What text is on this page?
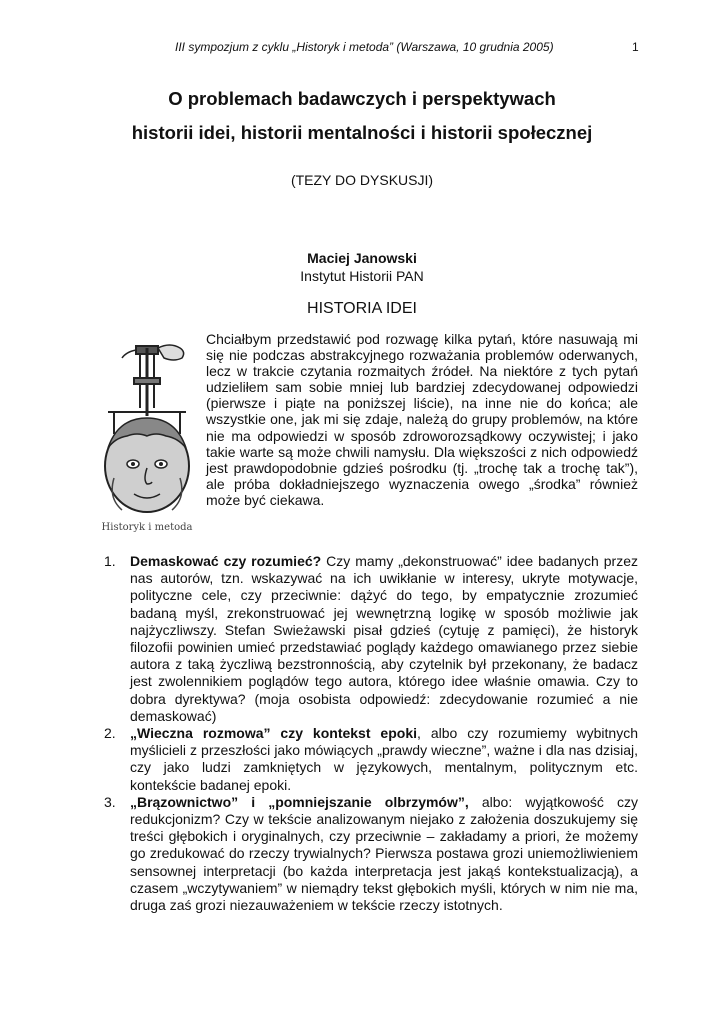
III sympozjum z cyklu „Historyk i metoda” (Warszawa, 10 grudnia 2005)	1
O problemach badawczych i perspektywach
historii idei, historii mentalności i historii społecznej
(TEZY DO DYSKUSJI)
Maciej Janowski
Instytut Historii PAN
HISTORIA IDEI
Historyk i metoda
Chciałbym przedstawić pod rozwagę kilka pytań, które nasuwają mi się nie podczas abstrakcyjnego rozważania problemów oderwanych, lecz w trakcie czytania rozmaitych źródeł. Na niektóre z tych pytań udzieliłem sam sobie mniej lub bardziej zdecydowanej odpowiedzi (pierwsze i piąte na poniższej liście), na inne nie do końca; ale wszystkie one, jak mi się zdaje, należą do grupy problemów, na które nie ma odpowiedzi w sposób zdroworozsądkowy oczywistej; i jako takie warte są może chwili namysłu. Dla większości z nich odpowiedź jest prawdopodobnie gdzieś pośrodku (tj. „trochę tak a trochę tak”), ale próba dokładniejszego wyznaczenia owego „środka” również może być ciekawa.
1. Demaskować czy rozumieć? Czy mamy „dekonstruować” idee badanych przez nas autorów, tzn. wskazywać na ich uwikłanie w interesy, ukryte motywacje, polityczne cele, czy przeciwnie: dążyć do tego, by empatycznie zrozumieć badaną myśl, zrekonstruować jej wewnętrzną logikę w sposób możliwie jak najżyczliwszy. Stefan Swieżawski pisał gdzieś (cytuję z pamięci), że historyk filozofii powinien umieć przedstawiać poglądy każdego omawianego przez siebie autora z taką życzliwą bezstronnością, aby czytelnik był przekonany, że badacz jest zwolennikiem poglądów tego autora, którego idee właśnie omawia. Czy to dobra dyrektywa? (moja osobista odpowiedź: zdecydowanie rozumieć a nie demaskować)
2. „Wieczna rozmowa” czy kontekst epoki, albo czy rozumiemy wybitnych myślicieli z przeszłości jako mówiących „prawdy wieczne”, ważne i dla nas dzisiaj, czy jako ludzi zamkniętych w językowych, mentalnym, politycznym etc. kontekście badanej epoki.
3. „Brązownictwo” i „pomniejszanie olbrzymów”, albo: wyjątkowość czy redukcjonizm? Czy w tekście analizowanym niejako z założenia doszukujemy się treści głębokich i oryginalnych, czy przeciwnie – zakładamy a priori, że możemy go zredukować do rzeczy trywialnych? Pierwsza postawa grozi uniemożliwieniem sensownej interpretacji (bo każda interpretacja jest jakąś kontekstualizacją), a czasem „wczytywaniem” w niemądry tekst głębokich myśli, których w nim nie ma, druga zaś grozi niezauważeniem w tekście rzeczy istotnych.
